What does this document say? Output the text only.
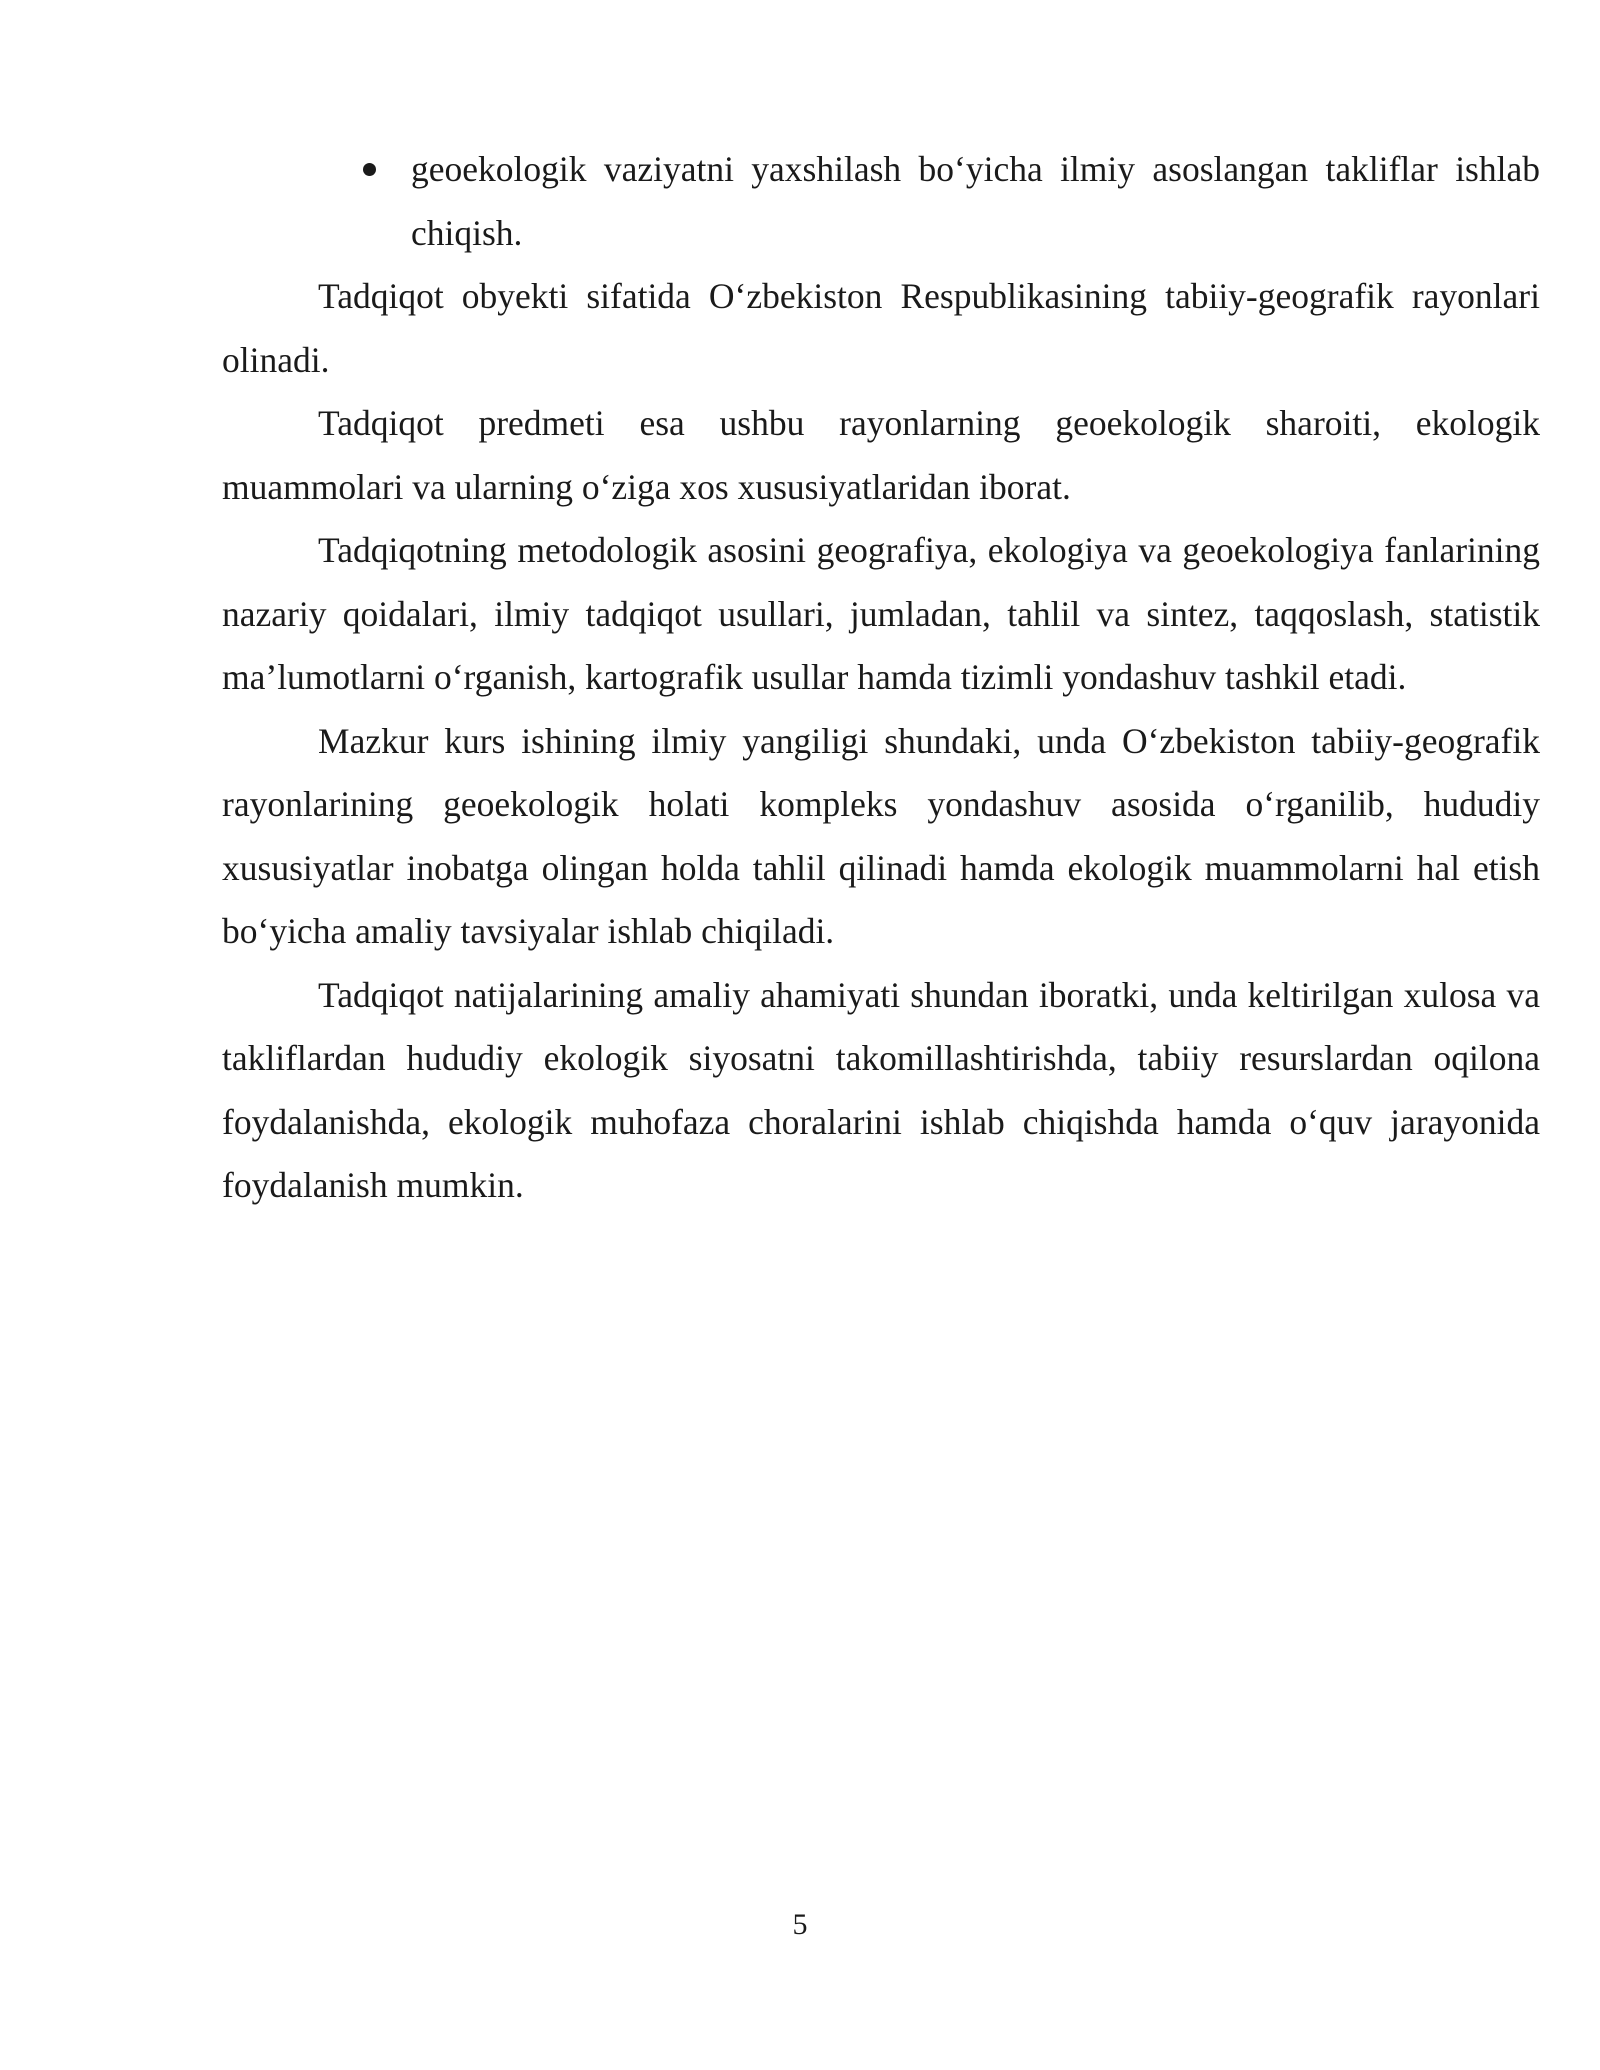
geoekologik vaziyatni yaxshilash bo‘yicha ilmiy asoslangan takliflar ishlab chiqish.

Tadqiqot obyekti sifatida O‘zbekiston Respublikasining tabiiy-geografik rayonlari olinadi.

Tadqiqot predmeti esa ushbu rayonlarning geoekologik sharoiti, ekologik muammolari va ularning o‘ziga xos xususiyatlaridan iborat.

Tadqiqotning metodologik asosini geografiya, ekologiya va geoekologiya fanlarining nazariy qoidalari, ilmiy tadqiqot usullari, jumladan, tahlil va sintez, taqqoslash, statistik ma’lumotlarni o‘rganish, kartografik usullar hamda tizimli yondashuv tashkil etadi.

Mazkur kurs ishining ilmiy yangiligi shundaki, unda O‘zbekiston tabiiy-geografik rayonlarining geoekologik holati kompleks yondashuv asosida o‘rganilib, hududiy xususiyatlar inobatga olingan holda tahlil qilinadi hamda ekologik muammolarni hal etish bo‘yicha amaliy tavsiyalar ishlab chiqiladi.

Tadqiqot natijalarining amaliy ahamiyati shundan iboratki, unda keltirilgan xulosa va takliflardan hududiy ekologik siyosatni takomillashtirishda, tabiiy resurslardan oqilona foydalanishda, ekologik muhofaza choralarini ishlab chiqishda hamda o‘quv jarayonida foydalanish mumkin.

5
